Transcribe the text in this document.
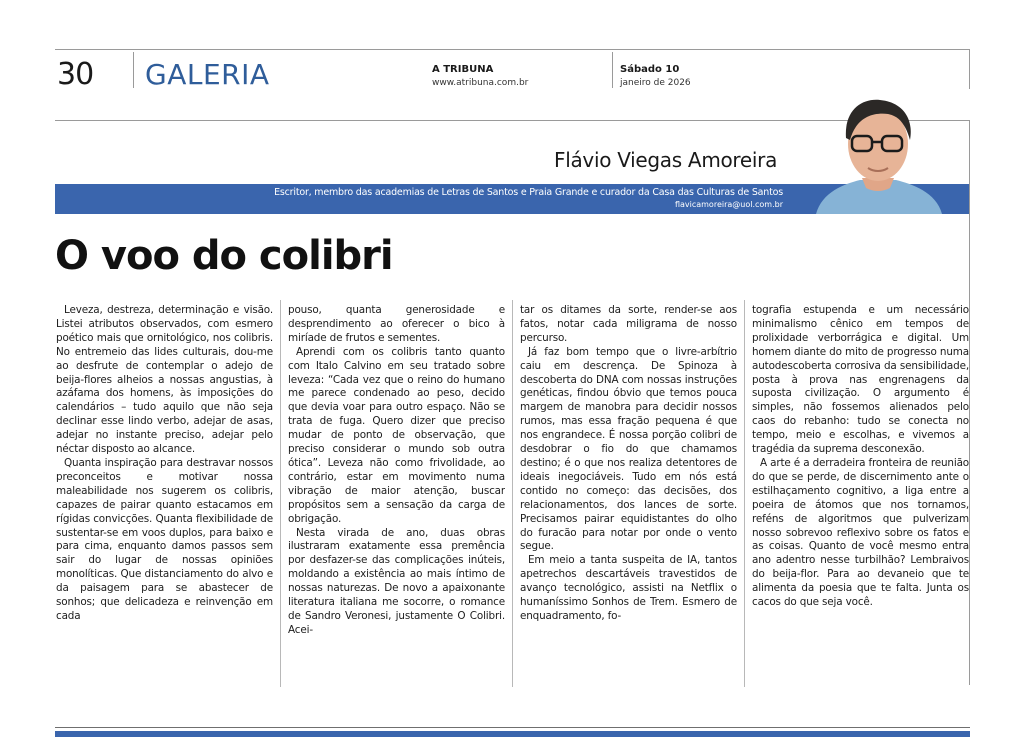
30 GALERIA	A TRIBUNA
www.atribuna.com.br
Sábado 10
janeiro de 2026
Flávio Viegas Amoreira
Escritor, membro das academias de Letras de Santos e Praia Grande e curador da Casa das Culturas de Santos
flavicamoreira@uol.com.br
O voo do colibri

Leveza, destreza, determinação e visão. Listei atributos observados, com esmero poético mais que ornitológico, nos colibris. No entremeio das lides culturais, dou-me ao desfrute de contemplar o adejo de beija-flores alheios a nossas angustias, à azáfama dos homens, às imposições do calendários – tudo aquilo que não seja declinar esse lindo verbo, adejar de asas, adejar no instante preciso, adejar pelo néctar disposto ao alcance.

Quanta inspiração para destravar nossos preconceitos e motivar nossa maleabilidade nos sugerem os colibris, capazes de pairar quanto estacamos em rígidas convicções. Quanta flexibilidade de sustentar-se em voos duplos, para baixo e para cima, enquanto damos passos sem sair do lugar de nossas opiniões monolíticas. Que distanciamento do alvo e da paisagem para se abastecer de sonhos; que delicadeza e reinvenção em cada

pouso, quanta generosidade e desprendimento ao oferecer o bico à miríade de frutos e sementes.

Aprendi com os colibris tanto quanto com Italo Calvino em seu tratado sobre leveza: “Cada vez que o reino do humano me parece condenado ao peso, decido que devia voar para outro espaço. Não se trata de fuga. Quero dizer que preciso mudar de ponto de observação, que preciso considerar o mundo sob outra ótica”. Leveza não como frivolidade, ao contrário, estar em movimento numa vibração de maior atenção, buscar propósitos sem a sensação da carga de obrigação.

Nesta virada de ano, duas obras ilustraram exatamente essa premência por desfazer-se das complicações inúteis, moldando a existência ao mais íntimo de nossas naturezas. De novo a apaixonante literatura italiana me socorre, o romance de Sandro Veronesi, justamente O Colibri. Acei-

tar os ditames da sorte, render-se aos fatos, notar cada miligrama de nosso percurso.

Já faz bom tempo que o livre-arbítrio caiu em descrença. De Spinoza à descoberta do DNA com nossas instruções genéticas, findou óbvio que temos pouca margem de manobra para decidir nossos rumos, mas essa fração pequena é que nos engrandece. É nossa porção colibri de desdobrar o fio do que chamamos destino; é o que nos realiza detentores de ideais inegociáveis. Tudo em nós está contido no começo: das decisões, dos relacionamentos, dos lances de sorte. Precisamos pairar equidistantes do olho do furacão para notar por onde o vento segue.

Em meio a tanta suspeita de IA, tantos apetrechos descartáveis travestidos de avanço tecnológico, assisti na Netflix o humaníssimo Sonhos de Trem. Esmero de enquadramento, fo-

tografia estupenda e um necessário minimalismo cênico em tempos de prolixidade verborrágica e digital. Um homem diante do mito de progresso numa autodescoberta corrosiva da sensibilidade, posta à prova nas engrenagens da suposta civilização. O argumento é simples, não fossemos alienados pelo caos do rebanho: tudo se conecta no tempo, meio e escolhas, e vivemos a tragédia da suprema desconexão.

A arte é a derradeira fronteira de reunião do que se perde, de discernimento ante o estilhaçamento cognitivo, a liga entre a poeira de átomos que nos tornamos, reféns de algoritmos que pulverizam nosso sobrevoo reflexivo sobre os fatos e as coisas. Quanto de você mesmo entra ano adentro nesse turbilhão? Lembraivos do beija-flor. Para ao devaneio que te alimenta da poesia que te falta. Junta os cacos do que seja você.
